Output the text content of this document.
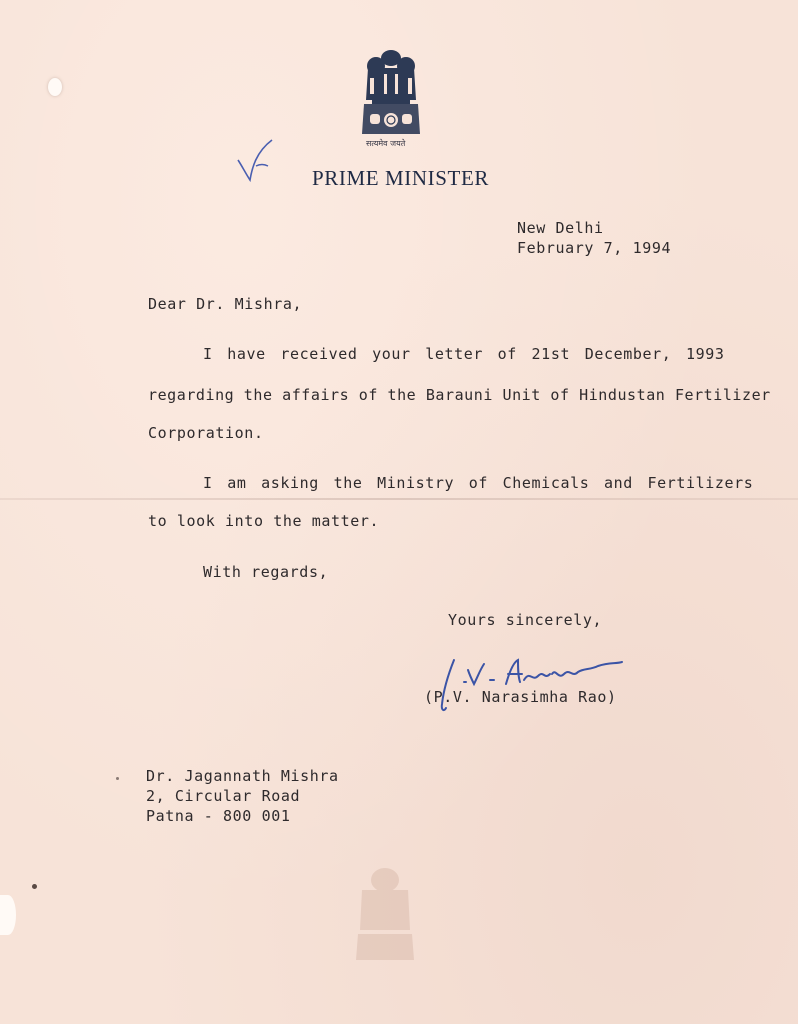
सत्यमेव जयते
PRIME MINISTER
New Delhi
February 7, 1994
Dear Dr. Mishra,
I have received your letter of 21st December, 1993
regarding the affairs of the Barauni Unit of Hindustan Fertilizer
Corporation.
I am asking the Ministry of Chemicals and Fertilizers
to look into the matter.
With regards,
Yours sincerely,
(P.V. Narasimha Rao)
Dr. Jagannath Mishra
2, Circular Road
Patna - 800 001
